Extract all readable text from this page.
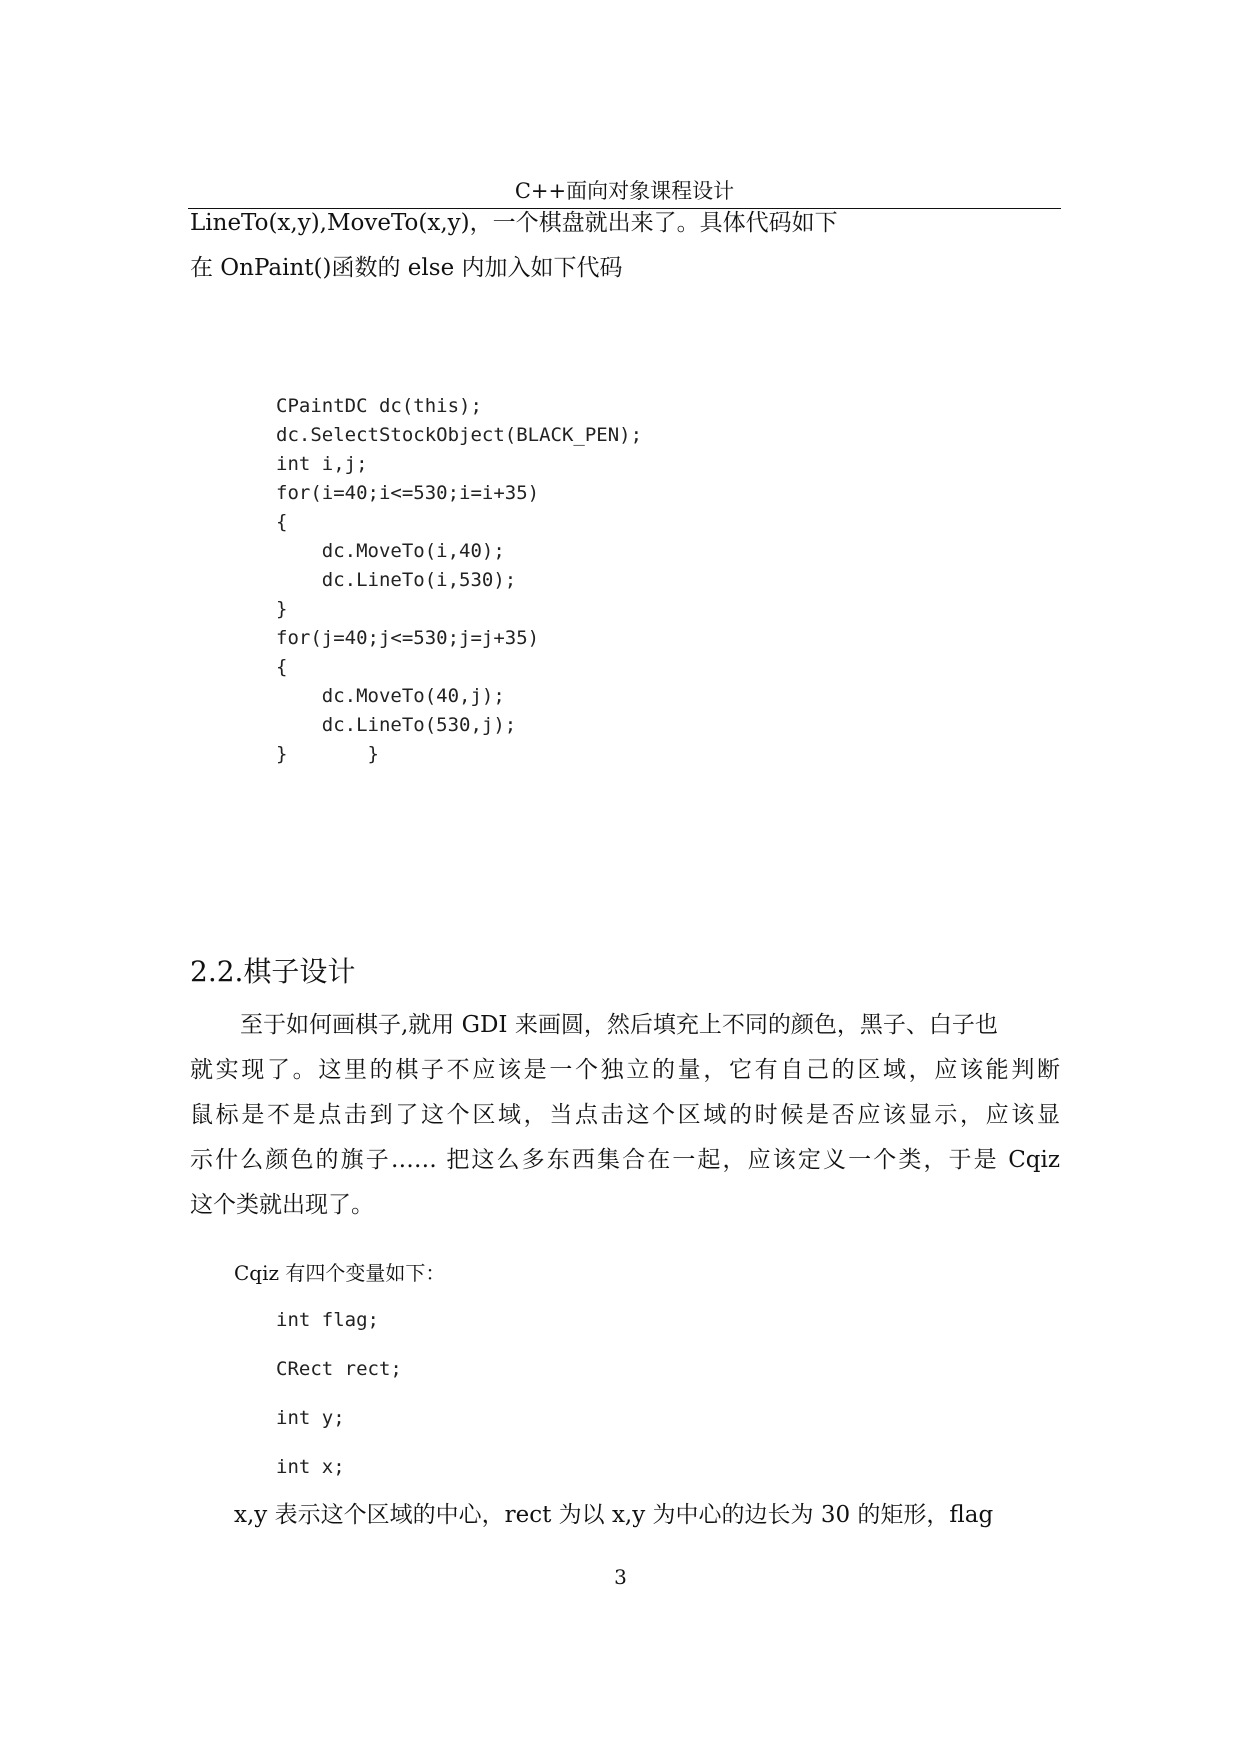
C++面向对象课程设计
LineTo(x,y),MoveTo(x,y)，一个棋盘就出来了。具体代码如下
在 OnPaint()函数的 else 内加入如下代码
CPaintDC dc(this);
dc.SelectStockObject(BLACK_PEN);
int i,j;
for(i=40;i<=530;i=i+35)
{
dc.MoveTo(i,40);
dc.LineTo(i,530);
}
for(j=40;j<=530;j=j+35)
{
dc.MoveTo(40,j);
dc.LineTo(530,j);
}       }
2.2.棋子设计
至于如何画棋子,就用 GDI 来画圆，然后填充上不同的颜色，黑子、白子也
就实现了。这里的棋子不应该是一个独立的量，它有自己的区域，应该能判断
鼠标是不是点击到了这个区域，当点击这个区域的时候是否应该显示，应该显
示什么颜色的旗子…… 把这么多东西集合在一起，应该定义一个类，于是 Cqiz
这个类就出现了。
Cqiz 有四个变量如下：
int flag;
CRect rect;
int y;
int x;
x,y 表示这个区域的中心，rect 为以 x,y 为中心的边长为 30 的矩形，flag
3
